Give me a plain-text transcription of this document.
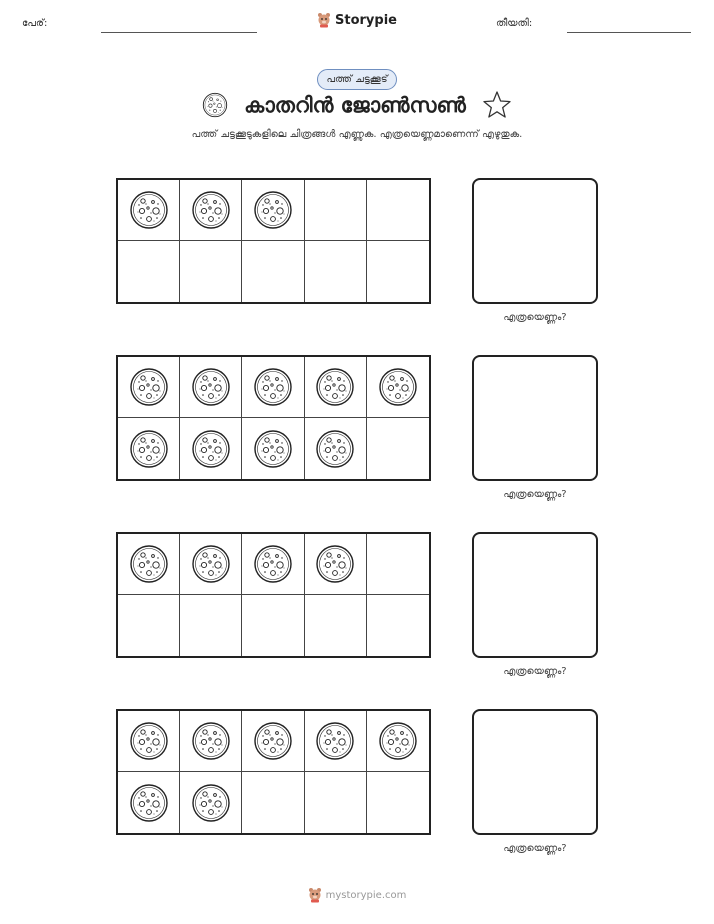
പേര്:	Storypie	തീയതി:
പത്ത് ചട്ടക്കൂട്
കാതറിൻ ജോൺസൺ
പത്ത് ചട്ടക്കൂടുകളിലെ ചിത്രങ്ങൾ എണ്ണുക. എത്രയെണ്ണമാണെന്ന് എഴുതുക.
എത്രയെണ്ണം?
എത്രയെണ്ണം?
എത്രയെണ്ണം?
എത്രയെണ്ണം?
mystorypie.com
